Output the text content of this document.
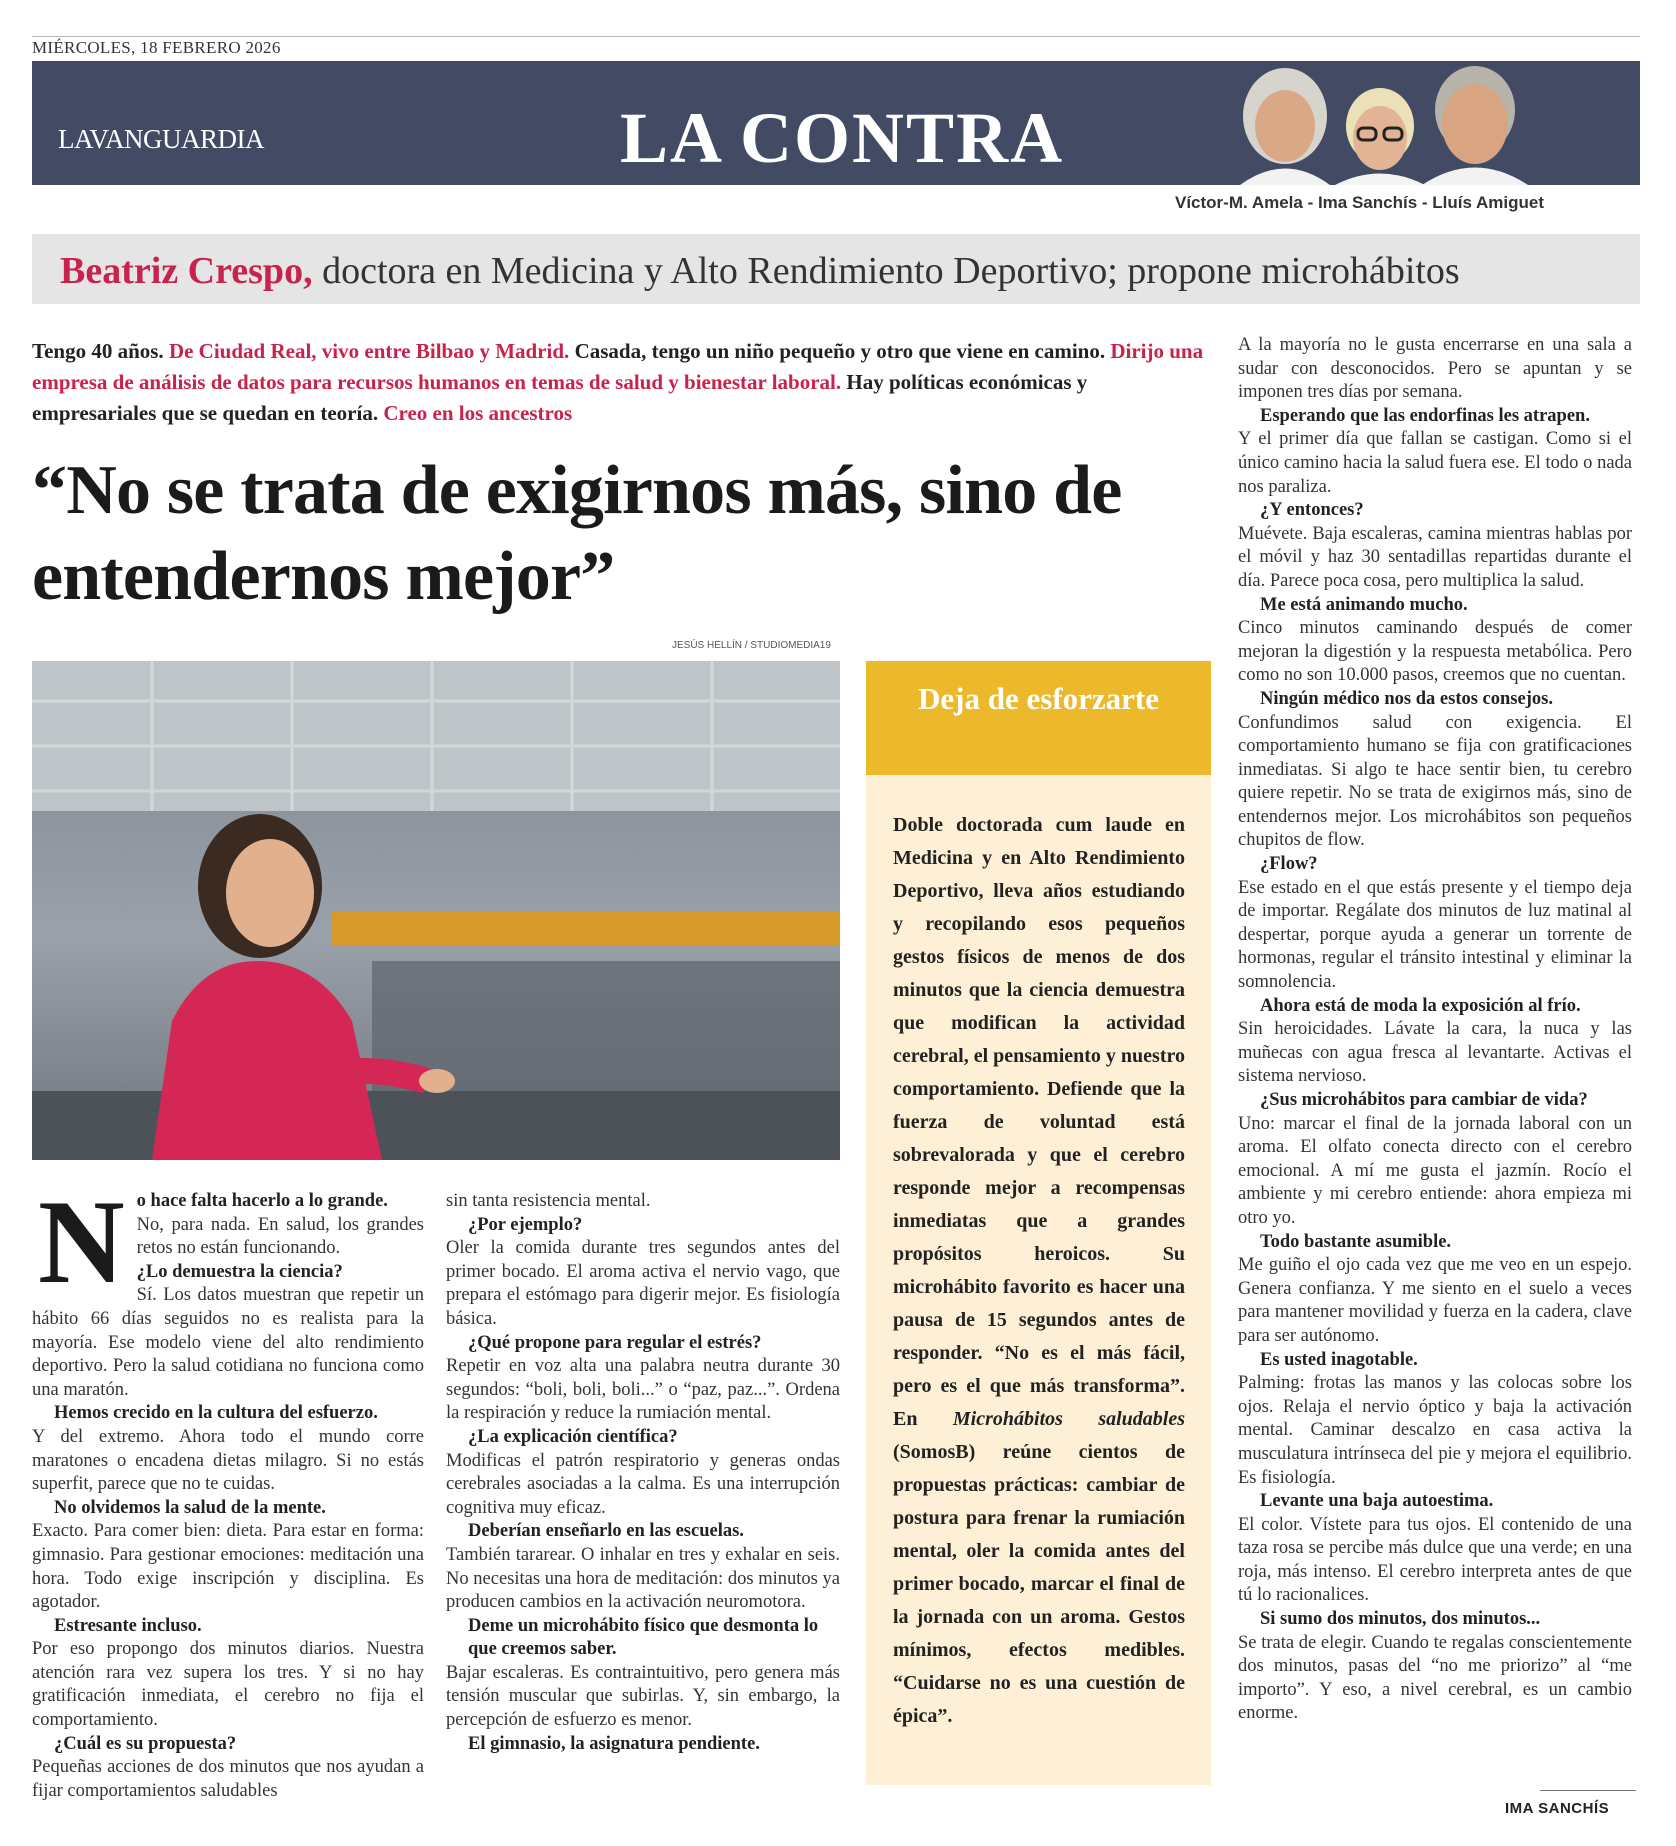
MIÉRCOLES, 18 FEBRERO 2026
LAVANGUARDIA	LA CONTRA
Víctor-M. Amela - Ima Sanchís - Lluís Amiguet
Beatriz Crespo, doctora en Medicina y Alto Rendimiento Deportivo; propone microhábitos
Tengo 40 años. De Ciudad Real, vivo entre Bilbao y Madrid. Casada, tengo un niño pequeño y otro que viene en camino. Dirijo una empresa de análisis de datos para recursos humanos en temas de salud y bienestar laboral. Hay políticas económicas y empresariales que se quedan en teoría. Creo en los ancestros
“No se trata de exigirnos más, sino de entendernos mejor”
JESÚS HELLÍN / STUDIOMEDIA19
Deja de esforzarte
Doble doctorada cum laude en Medicina y en Alto Rendimiento Deportivo, lleva años estudiando y recopilando esos pequeños gestos físicos de menos de dos minutos que la ciencia demuestra que modifican la actividad cerebral, el pensamiento y nuestro comportamiento. Defiende que la fuerza de voluntad está sobrevalorada y que el cerebro responde mejor a recompensas inmediatas que a grandes propósitos heroicos. Su microhábito favorito es hacer una pausa de 15 segundos antes de responder. “No es el más fácil, pero es el que más transforma”. En Microhábitos saludables (SomosB) reúne cientos de propuestas prácticas: cambiar de postura para frenar la rumiación mental, oler la comida antes del primer bocado, marcar el final de la jornada con un aroma. Gestos mínimos, efectos medibles. “Cuidarse no es una cuestión de épica”.
N o hace falta hacerlo a lo grande.

No, para nada. En salud, los grandes retos no están funcionando.

¿Lo demuestra la ciencia?

Sí. Los datos muestran que repetir un hábito 66 días seguidos no es realista para la mayoría. Ese modelo viene del alto rendimiento deportivo. Pero la salud cotidiana no funciona como una maratón.

Hemos crecido en la cultura del esfuerzo.

Y del extremo. Ahora todo el mundo corre maratones o encadena dietas milagro. Si no estás superfit, parece que no te cuidas.

No olvidemos la salud de la mente.

Exacto. Para comer bien: dieta. Para estar en forma: gimnasio. Para gestionar emociones: meditación una hora. Todo exige inscripción y disciplina. Es agotador.

Estresante incluso.

Por eso propongo dos minutos diarios. Nuestra atención rara vez supera los tres. Y si no hay gratificación inmediata, el cerebro no fija el comportamiento.

¿Cuál es su propuesta?

Pequeñas acciones de dos minutos que nos ayudan a fijar comportamientos saludables

sin tanta resistencia mental.

¿Por ejemplo?

Oler la comida durante tres segundos antes del primer bocado. El aroma activa el nervio vago, que prepara el estómago para digerir mejor. Es fisiología básica.

¿Qué propone para regular el estrés?

Repetir en voz alta una palabra neutra durante 30 segundos: “boli, boli, boli...” o “paz, paz...”. Ordena la respiración y reduce la rumiación mental.

¿La explicación científica?

Modificas el patrón respiratorio y generas ondas cerebrales asociadas a la calma. Es una interrupción cognitiva muy eficaz.

Deberían enseñarlo en las escuelas.

También tararear. O inhalar en tres y exhalar en seis. No necesitas una hora de meditación: dos minutos ya producen cambios en la activación neuromotora.

Deme un microhábito físico que desmonta lo que creemos saber.

Bajar escaleras. Es contraintuitivo, pero genera más tensión muscular que subirlas. Y, sin embargo, la percepción de esfuerzo es menor.

El gimnasio, la asignatura pendiente.

A la mayoría no le gusta encerrarse en una sala a sudar con desconocidos. Pero se apuntan y se imponen tres días por semana.

Esperando que las endorfinas les atrapen.

Y el primer día que fallan se castigan. Como si el único camino hacia la salud fuera ese. El todo o nada nos paraliza.

¿Y entonces?

Muévete. Baja escaleras, camina mientras hablas por el móvil y haz 30 sentadillas repartidas durante el día. Parece poca cosa, pero multiplica la salud.

Me está animando mucho.

Cinco minutos caminando después de comer mejoran la digestión y la respuesta metabólica. Pero como no son 10.000 pasos, creemos que no cuentan.

Ningún médico nos da estos consejos.

Confundimos salud con exigencia. El comportamiento humano se fija con gratificaciones inmediatas. Si algo te hace sentir bien, tu cerebro quiere repetir. No se trata de exigirnos más, sino de entendernos mejor. Los microhábitos son pequeños chupitos de flow.

¿Flow?

Ese estado en el que estás presente y el tiempo deja de importar. Regálate dos minutos de luz matinal al despertar, porque ayuda a generar un torrente de hormonas, regular el tránsito intestinal y eliminar la somnolencia.

Ahora está de moda la exposición al frío.

Sin heroicidades. Lávate la cara, la nuca y las muñecas con agua fresca al levantarte. Activas el sistema nervioso.

¿Sus microhábitos para cambiar de vida?

Uno: marcar el final de la jornada laboral con un aroma. El olfato conecta directo con el cerebro emocional. A mí me gusta el jazmín. Rocío el ambiente y mi cerebro entiende: ahora empieza mi otro yo.

Todo bastante asumible.

Me guiño el ojo cada vez que me veo en un espejo. Genera confianza. Y me siento en el suelo a veces para mantener movilidad y fuerza en la cadera, clave para ser autónomo.

Es usted inagotable.

Palming: frotas las manos y las colocas sobre los ojos. Relaja el nervio óptico y baja la activación mental. Caminar descalzo en casa activa la musculatura intrínseca del pie y mejora el equilibrio. Es fisiología.

Levante una baja autoestima.

El color. Vístete para tus ojos. El contenido de una taza rosa se percibe más dulce que una verde; en una roja, más intenso. El cerebro interpreta antes de que tú lo racionalices.

Si sumo dos minutos, dos minutos...

Se trata de elegir. Cuando te regalas conscientemente dos minutos, pasas del “no me priorizo” al “me importo”. Y eso, a nivel cerebral, es un cambio enorme.

IMA SANCHÍS
